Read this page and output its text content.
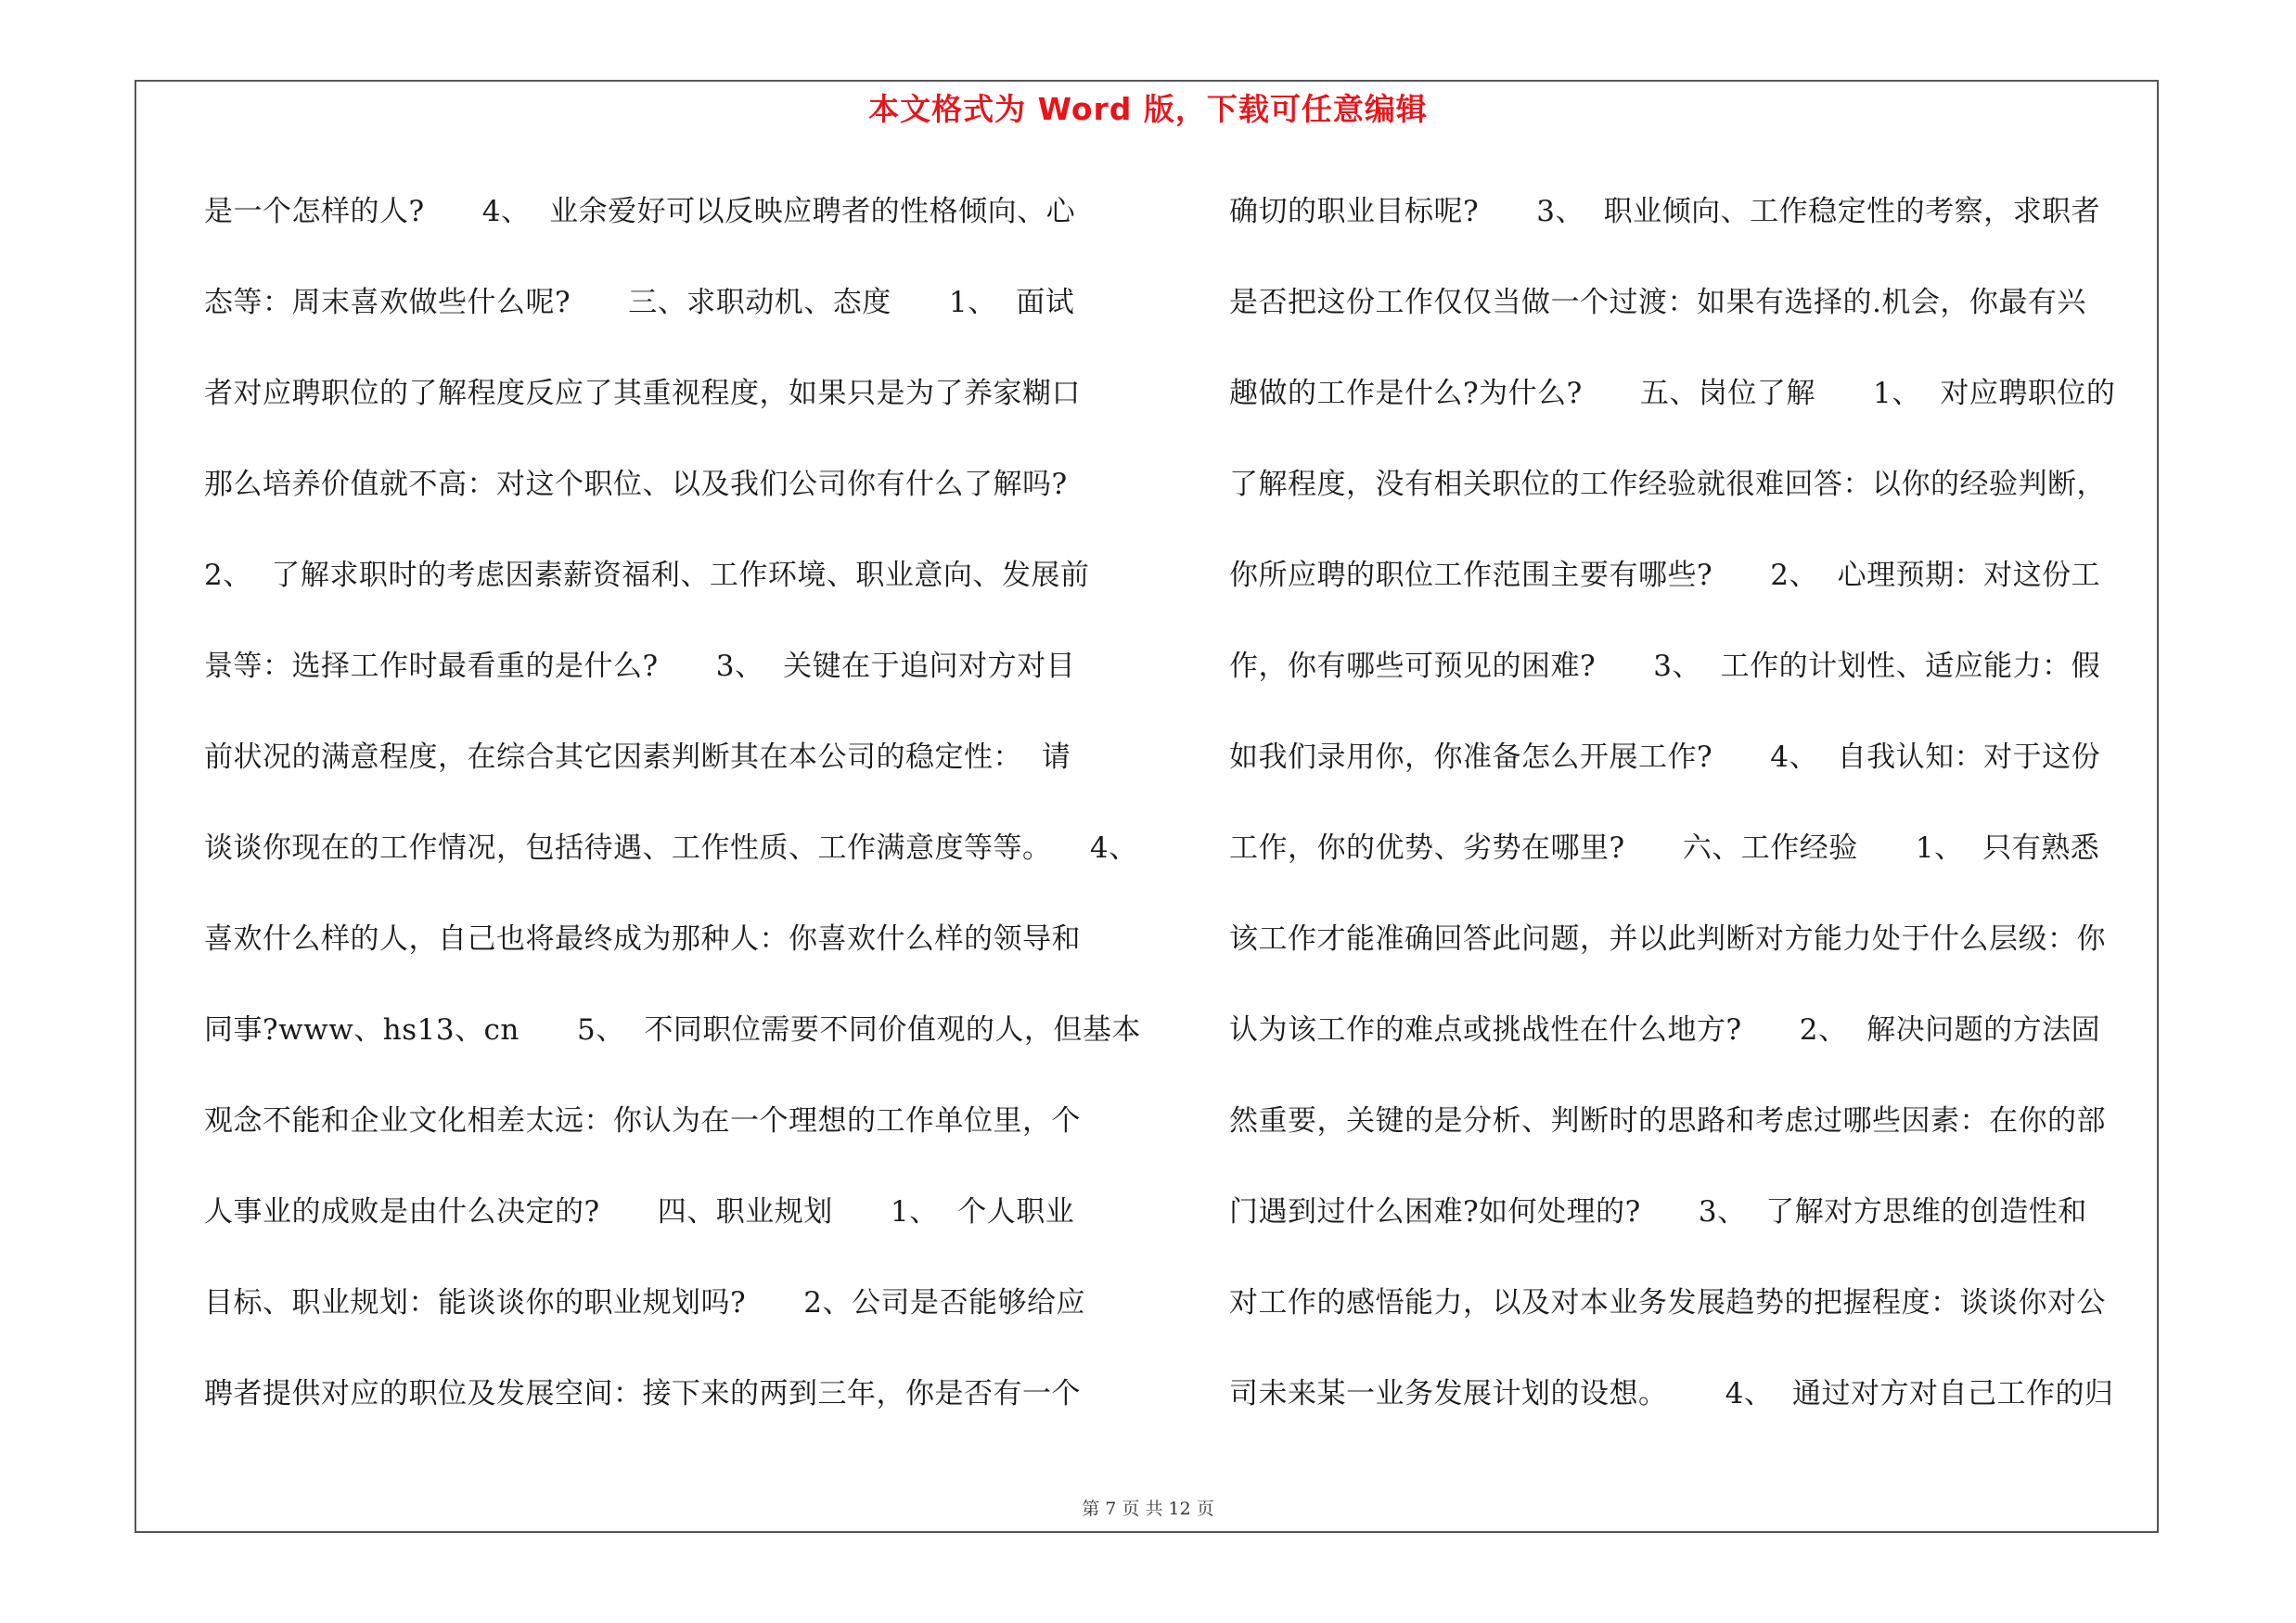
本文格式为 Word 版，下载可任意编辑
是一个怎样的人?      4、  业余爱好可以反映应聘者的性格倾向、心
态等：周末喜欢做些什么呢?      三、求职动机、态度      1、  面试
者对应聘职位的了解程度反应了其重视程度，如果只是为了养家糊口
那么培养价值就不高：对这个职位、以及我们公司你有什么了解吗?
2、  了解求职时的考虑因素薪资福利、工作环境、职业意向、发展前
景等：选择工作时最看重的是什么?      3、  关键在于追问对方对目
前状况的满意程度，在综合其它因素判断其在本公司的稳定性：  请
谈谈你现在的工作情况，包括待遇、工作性质、工作满意度等等。    4、
喜欢什么样的人，自己也将最终成为那种人：你喜欢什么样的领导和
同事?www、hs13、cn      5、  不同职位需要不同价值观的人，但基本
观念不能和企业文化相差太远：你认为在一个理想的工作单位里，个
人事业的成败是由什么决定的?      四、职业规划      1、  个人职业
目标、职业规划：能谈谈你的职业规划吗?      2、公司是否能够给应
聘者提供对应的职位及发展空间：接下来的两到三年，你是否有一个
确切的职业目标呢?      3、  职业倾向、工作稳定性的考察，求职者
是否把这份工作仅仅当做一个过渡：如果有选择的.机会，你最有兴
趣做的工作是什么?为什么?      五、岗位了解      1、  对应聘职位的
了解程度，没有相关职位的工作经验就很难回答：以你的经验判断，
你所应聘的职位工作范围主要有哪些?      2、  心理预期：对这份工
作，你有哪些可预见的困难?      3、  工作的计划性、适应能力：假
如我们录用你，你准备怎么开展工作?      4、  自我认知：对于这份
工作，你的优势、劣势在哪里?      六、工作经验      1、  只有熟悉
该工作才能准确回答此问题，并以此判断对方能力处于什么层级：你
认为该工作的难点或挑战性在什么地方?      2、  解决问题的方法固
然重要，关键的是分析、判断时的思路和考虑过哪些因素：在你的部
门遇到过什么困难?如何处理的?      3、  了解对方思维的创造性和
对工作的感悟能力，以及对本业务发展趋势的把握程度：谈谈你对公
司未来某一业务发展计划的设想。      4、  通过对方对自己工作的归
第 7 页 共 12 页
